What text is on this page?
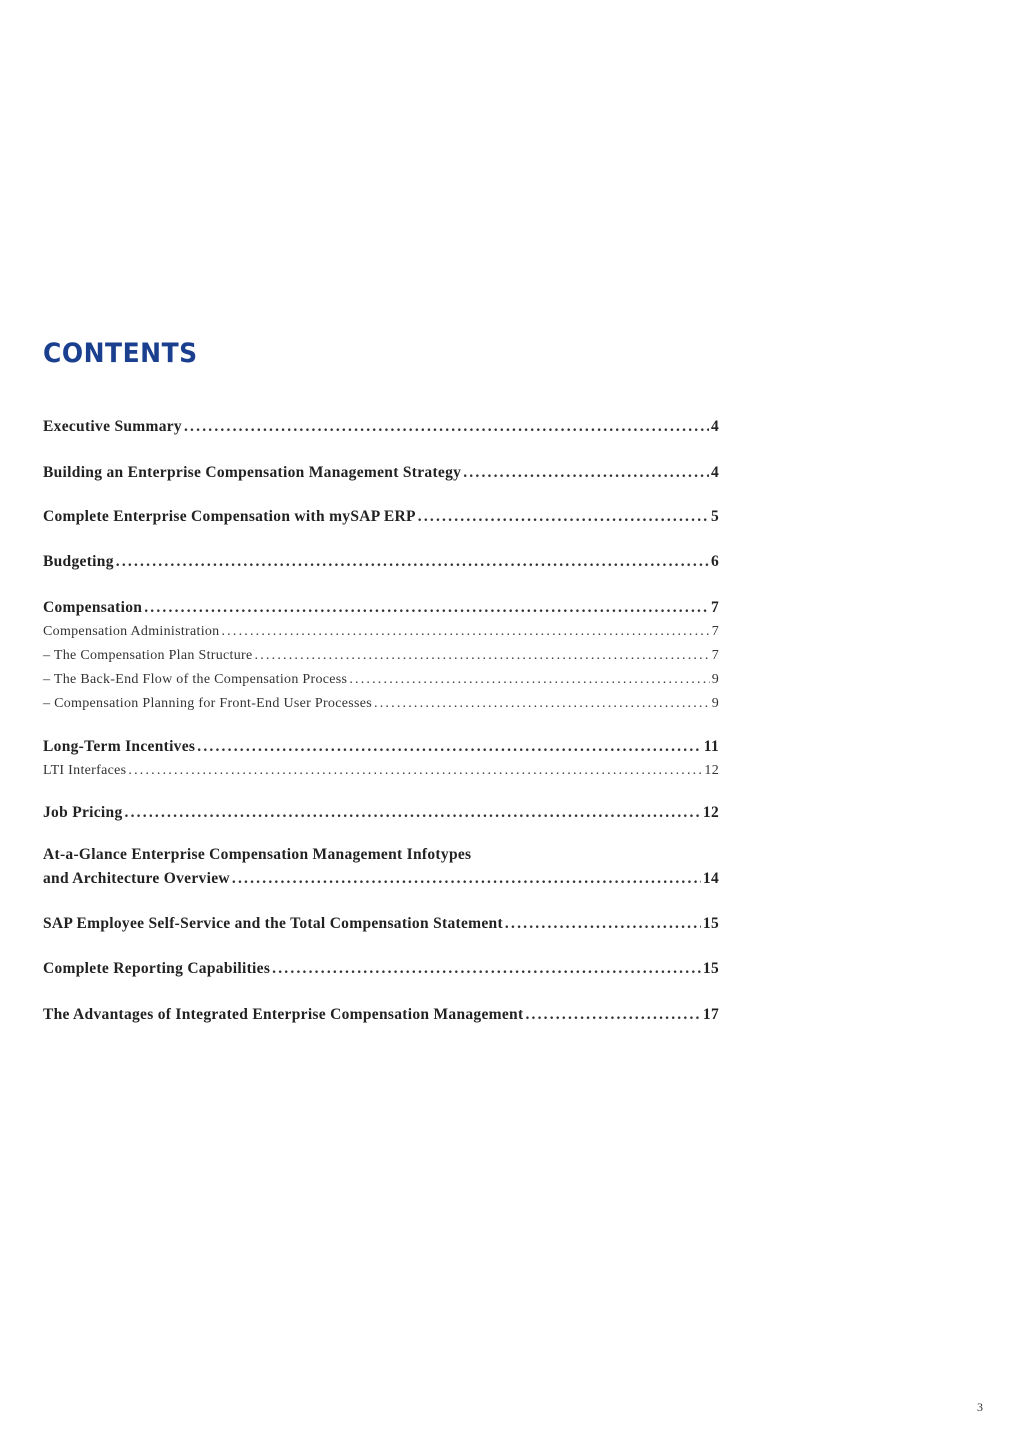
CONTENTS
Executive Summary .....	4
Building an Enterprise Compensation Management Strategy .....	4
Complete Enterprise Compensation with mySAP ERP .....	5
Budgeting .....	6
Compensation .....	7
Compensation Administration .....	7
– The Compensation Plan Structure .....	7
– The Back-End Flow of the Compensation Process .....	9
– Compensation Planning for Front-End User Processes .....	9
Long-Term Incentives .....	11
LTI Interfaces .....	12
Job Pricing .....	12
At-a-Glance Enterprise Compensation Management Infotypes
and Architecture Overview .....	14
SAP Employee Self-Service and the Total Compensation Statement .....	15
Complete Reporting Capabilities .....	15
The Advantages of Integrated Enterprise Compensation Management .....	17
3
